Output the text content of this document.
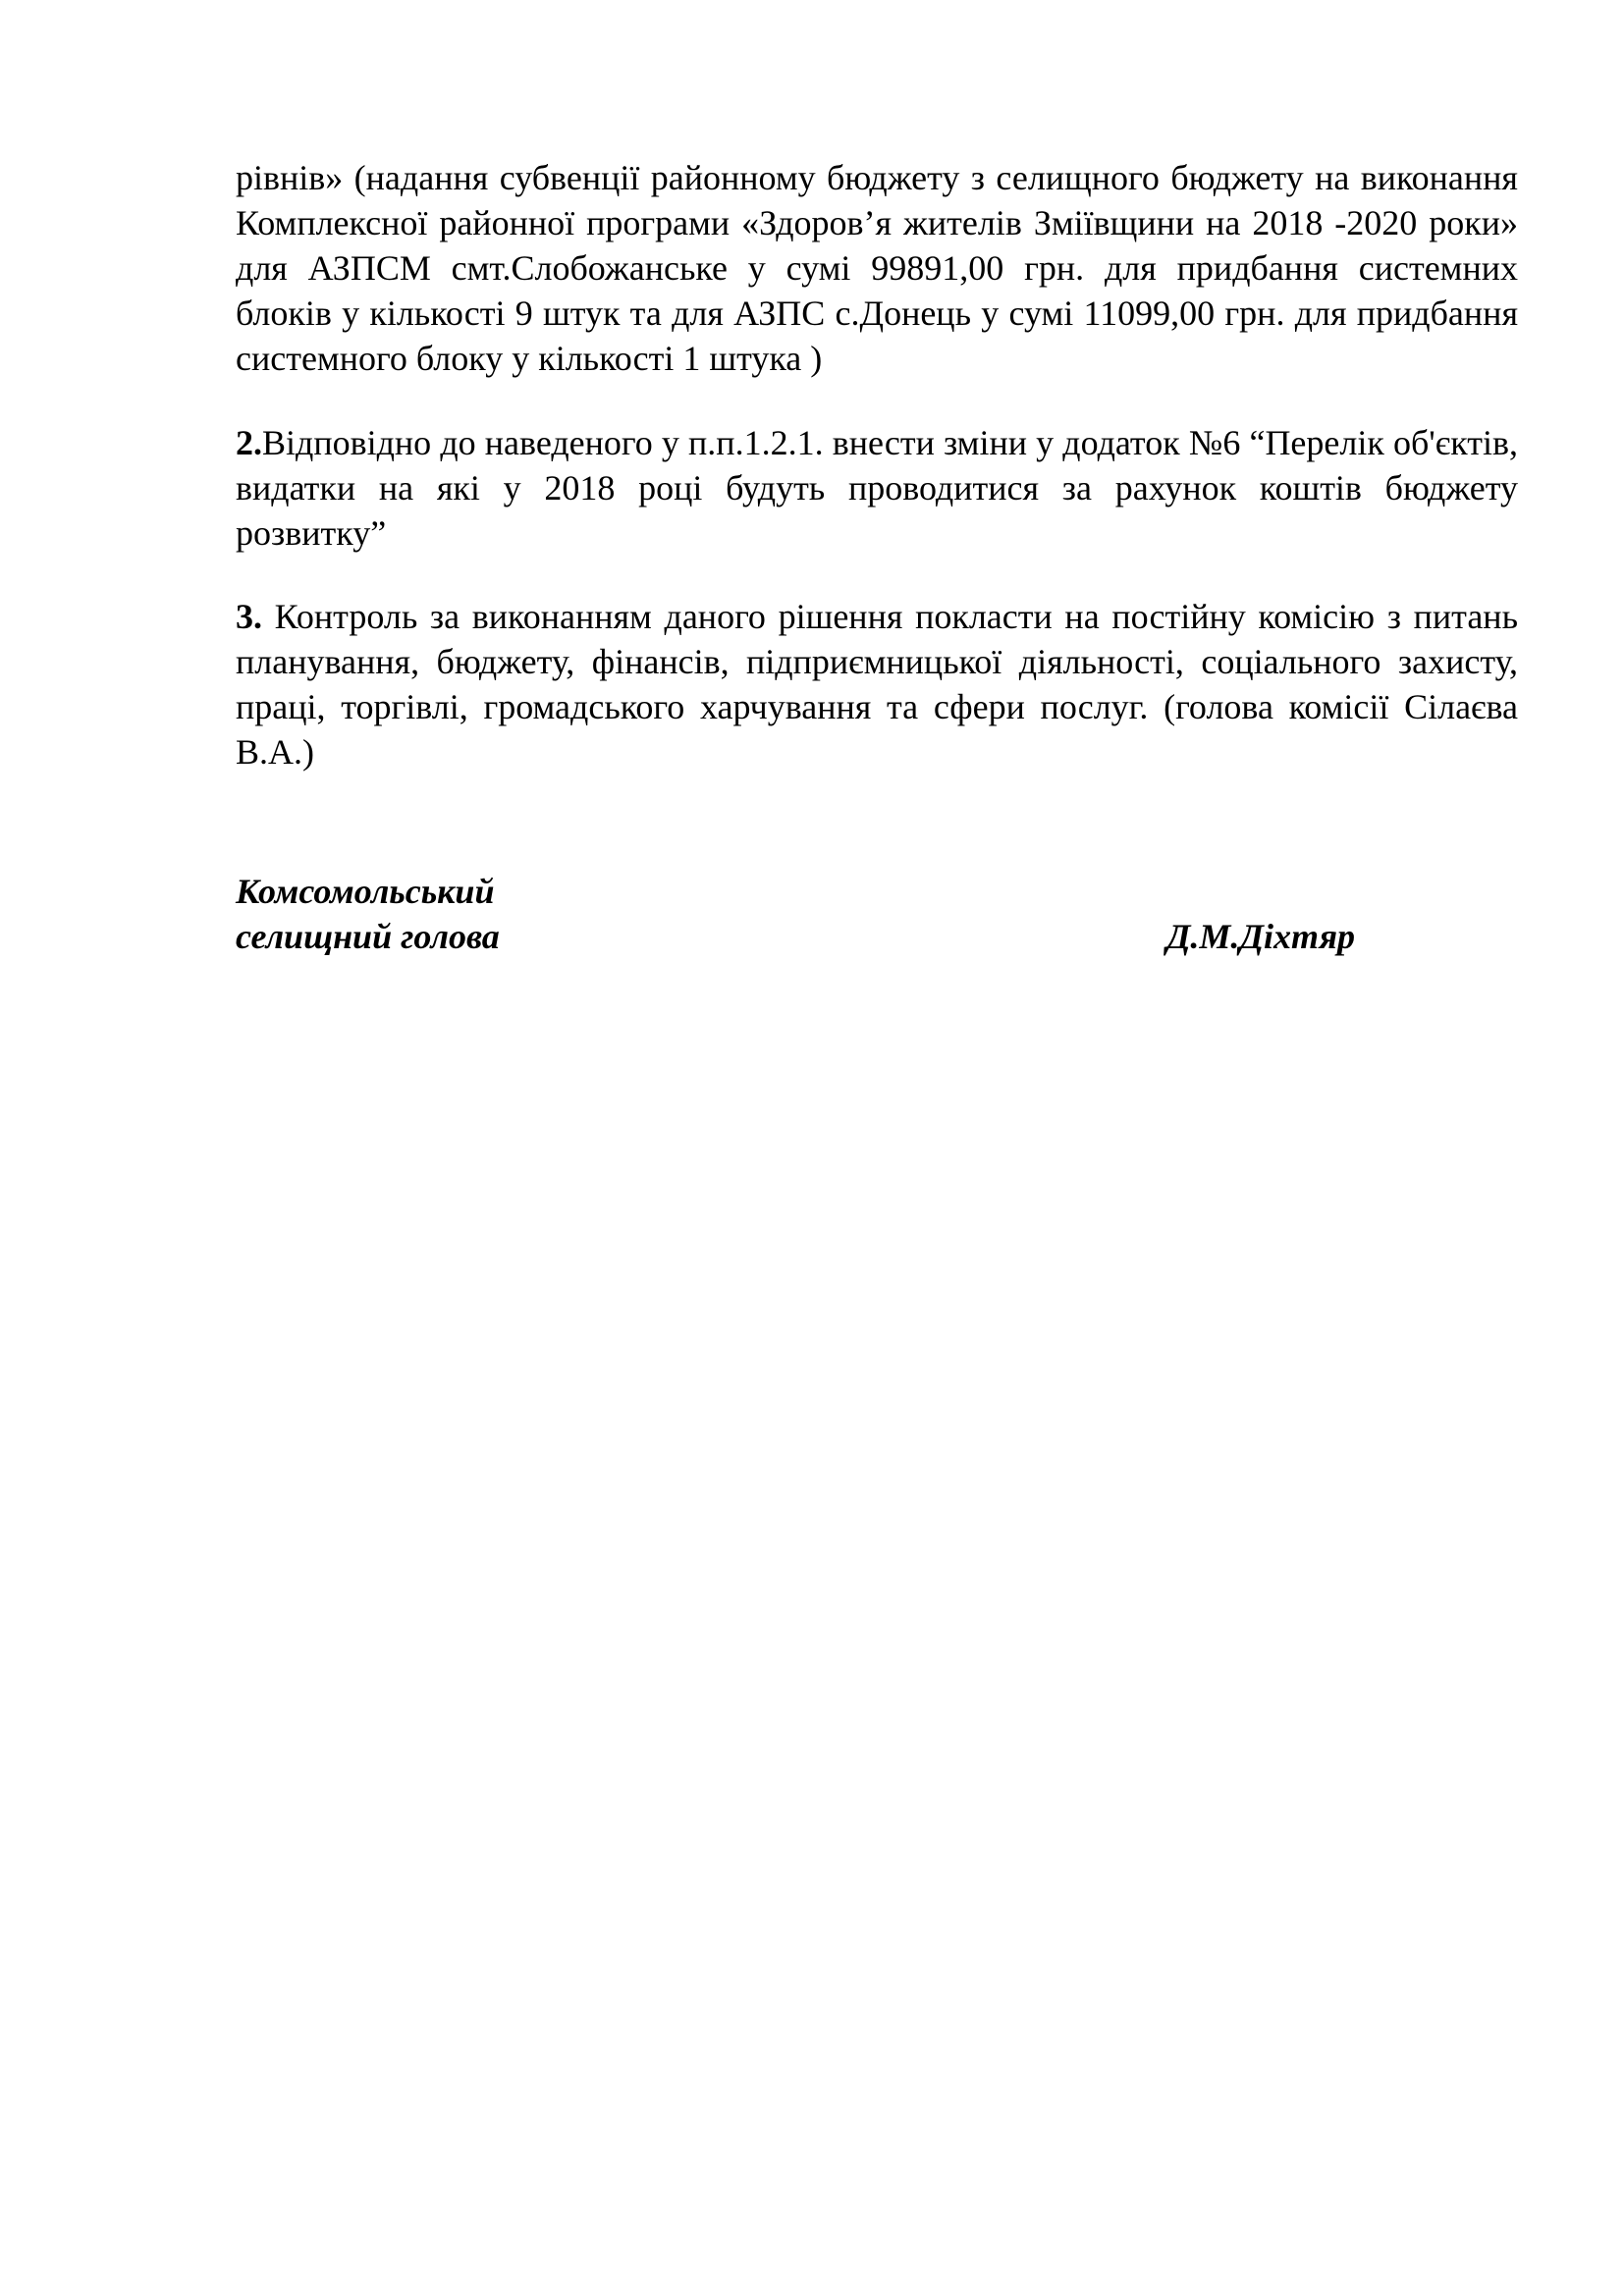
рівнів» (надання субвенції районному бюджету з селищного бюджету на виконання Комплексної районної програми «Здоров’я жителів Зміївщини на 2018 -2020 роки» для АЗПСМ смт.Слобожанське у сумі 99891,00 грн. для придбання системних блоків у кількості 9 штук та для АЗПС с.Донець у сумі 11099,00 грн. для придбання системного блоку у кількості 1 штука )
2.Відповідно до наведеного у п.п.1.2.1. внести зміни у додаток №6 “Перелік об'єктів, видатки на які у 2018 році будуть проводитися за рахунок коштів бюджету розвитку”
3. Контроль за виконанням даного рішення покласти на постійну комісію з питань планування, бюджету, фінансів, підприємницької діяльності, соціального захисту, праці, торгівлі, громадського харчування та сфери послуг. (голова комісії Сілаєва В.А.)
Комсомольський
селищний голова	Д.М.Діхтяр
